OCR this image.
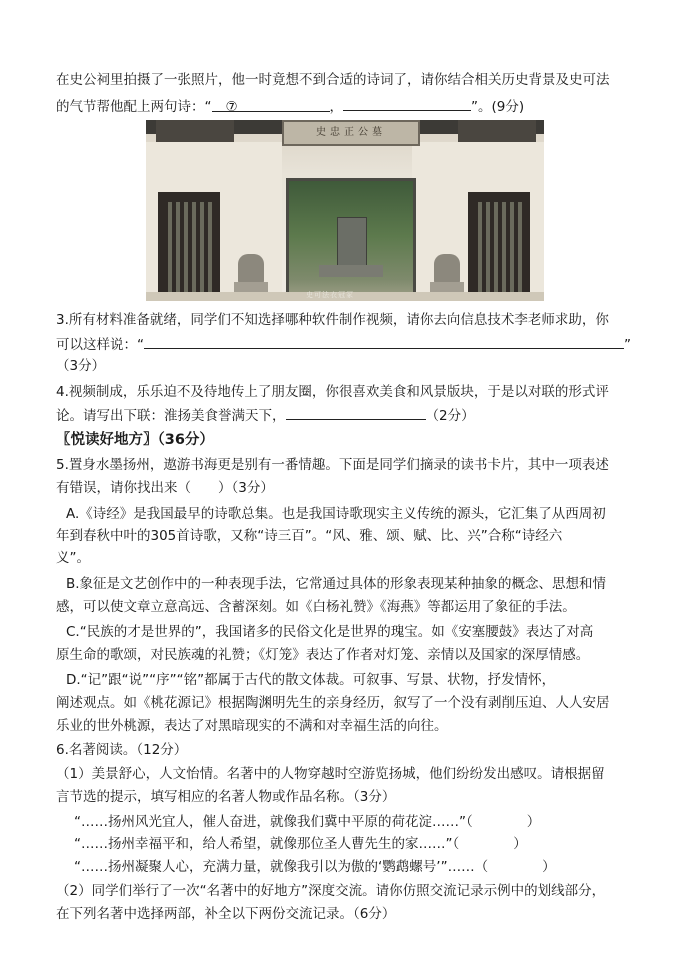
在史公祠里拍摄了一张照片，他一时竟想不到合适的诗词了，请你结合相关历史背景及史可法
的气节帮他配上两句诗：“ ⑦	，	”。(9分)
史忠正公墓
史可法衣冠冢
3.所有材料准备就绪，同学们不知选择哪种软件制作视频，请你去向信息技术李老师求助，你
可以这样说：“	”
（3分）
4.视频制成，乐乐迫不及待地传上了朋友圈，你很喜欢美食和风景版块，于是以对联的形式评
论。请写出下联：淮扬美食誉满天下，	（2分）
〖悦读好地方〗（36分）
5.置身水墨扬州，遨游书海更是别有一番情趣。下面是同学们摘录的读书卡片，其中一项表述
有错误，请你找出来（　　）（3分）
A.《诗经》是我国最早的诗歌总集。也是我国诗歌现实主义传统的源头，它汇集了从西周初
年到春秋中叶的305首诗歌，又称“诗三百”。“风、雅、颂、赋、比、兴”合称“诗经六
义”。
B.象征是文艺创作中的一种表现手法，它常通过具体的形象表现某种抽象的概念、思想和情
感，可以使文章立意高远、含蓄深刻。如《白杨礼赞》《海燕》等都运用了象征的手法。
C.“民族的才是世界的”，我国诸多的民俗文化是世界的瑰宝。如《安塞腰鼓》表达了对高
原生命的歌颂，对民族魂的礼赞；《灯笼》表达了作者对灯笼、亲情以及国家的深厚情感。
D.“记”跟“说”“序”“铭”都属于古代的散文体裁。可叙事、写景、状物，抒发情怀，
阐述观点。如《桃花源记》根据陶渊明先生的亲身经历，叙写了一个没有剥削压迫、人人安居
乐业的世外桃源，表达了对黑暗现实的不满和对幸福生活的向往。
6.名著阅读。（12分）
（1）美景舒心，人文怡情。名著中的人物穿越时空游览扬城，他们纷纷发出感叹。请根据留
言节选的提示，填写相应的名著人物或作品名称。（3分）
“……扬州风光宜人，催人奋进，就像我们冀中平原的荷花淀……”（　　　　）
“……扬州幸福平和，给人希望，就像那位圣人曹先生的家……”（　　　　）
“……扬州凝聚人心，充满力量，就像我引以为傲的‘鹦鹉螺号’”……（　　　　）
（2）同学们举行了一次“名著中的好地方”深度交流。请你仿照交流记录示例中的划线部分，
在下列名著中选择两部，补全以下两份交流记录。（6分）
